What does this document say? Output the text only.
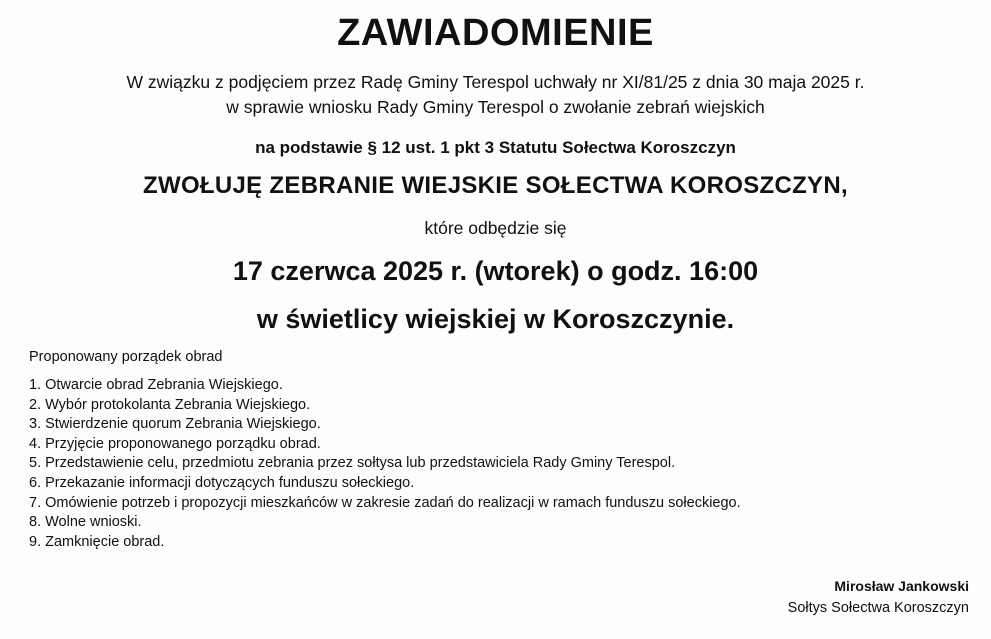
ZAWIADOMIENIE
W związku z podjęciem przez Radę Gminy Terespol uchwały nr XI/81/25 z dnia 30 maja 2025 r.
w sprawie wniosku Rady Gminy Terespol o zwołanie zebrań wiejskich
na podstawie § 12 ust. 1 pkt 3 Statutu Sołectwa Koroszczyn
ZWOŁUJĘ ZEBRANIE WIEJSKIE SOŁECTWA KOROSZCZYN,
które odbędzie się
17 czerwca 2025 r. (wtorek) o godz. 16:00
w świetlicy wiejskiej w Koroszczynie.
Proponowany porządek obrad
1. Otwarcie obrad Zebrania Wiejskiego.
2. Wybór protokolanta Zebrania Wiejskiego.
3. Stwierdzenie quorum Zebrania Wiejskiego.
4. Przyjęcie proponowanego porządku obrad.
5. Przedstawienie celu, przedmiotu zebrania przez sołtysa lub przedstawiciela Rady Gminy Terespol.
6. Przekazanie informacji dotyczących funduszu sołeckiego.
7. Omówienie potrzeb i propozycji mieszkańców w zakresie zadań do realizacji w ramach funduszu sołeckiego.
8. Wolne wnioski.
9. Zamknięcie obrad.
Mirosław Jankowski
Sołtys Sołectwa Koroszczyn
